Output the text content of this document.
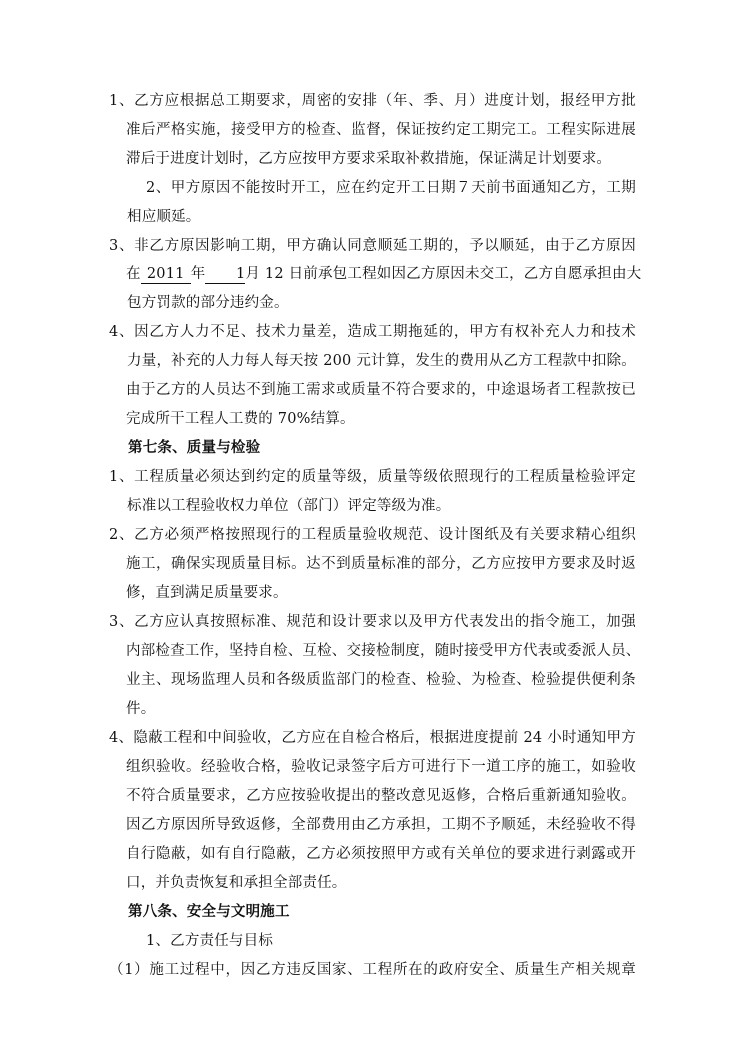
1、乙方应根据总工期要求，周密的安排（年、季、月）进度计划，报经甲方批
准后严格实施，接受甲方的检查、监督，保证按约定工期完工。工程实际进展
滞后于进度计划时，乙方应按甲方要求采取补救措施，保证满足计划要求。
2、甲方原因不能按时开工，应在约定开工日期７天前书面通知乙方，工期
相应顺延。
3、非乙方原因影响工期，甲方确认同意顺延工期的，予以顺延，由于乙方原因
在 2011 年 1月 12 日前承包工程如因乙方原因未交工，乙方自愿承担由大
包方罚款的部分违约金。
4、因乙方人力不足、技术力量差，造成工期拖延的，甲方有权补充人力和技术
力量，补充的人力每人每天按 200 元计算，发生的费用从乙方工程款中扣除。
由于乙方的人员达不到施工需求或质量不符合要求的，中途退场者工程款按已
完成所干工程人工费的 70%结算。
第七条、质量与检验
1、工程质量必须达到约定的质量等级，质量等级依照现行的工程质量检验评定
标准以工程验收权力单位（部门）评定等级为准。
2、乙方必须严格按照现行的工程质量验收规范、设计图纸及有关要求精心组织
施工，确保实现质量目标。达不到质量标准的部分，乙方应按甲方要求及时返
修，直到满足质量要求。
3、乙方应认真按照标准、规范和设计要求以及甲方代表发出的指令施工，加强
内部检查工作，坚持自检、互检、交接检制度，随时接受甲方代表或委派人员、
业主、现场监理人员和各级质监部门的检查、检验、为检查、检验提供便利条
件。
4、隐蔽工程和中间验收，乙方应在自检合格后，根据进度提前 24 小时通知甲方
组织验收。经验收合格，验收记录签字后方可进行下一道工序的施工，如验收
不符合质量要求，乙方应按验收提出的整改意见返修，合格后重新通知验收。
因乙方原因所导致返修，全部费用由乙方承担，工期不予顺延，未经验收不得
自行隐蔽，如有自行隐蔽，乙方必须按照甲方或有关单位的要求进行剥露或开
口，并负责恢复和承担全部责任。
第八条、安全与文明施工
1、乙方责任与目标
（1）施工过程中，因乙方违反国家、工程所在的政府安全、质量生产相关规章
